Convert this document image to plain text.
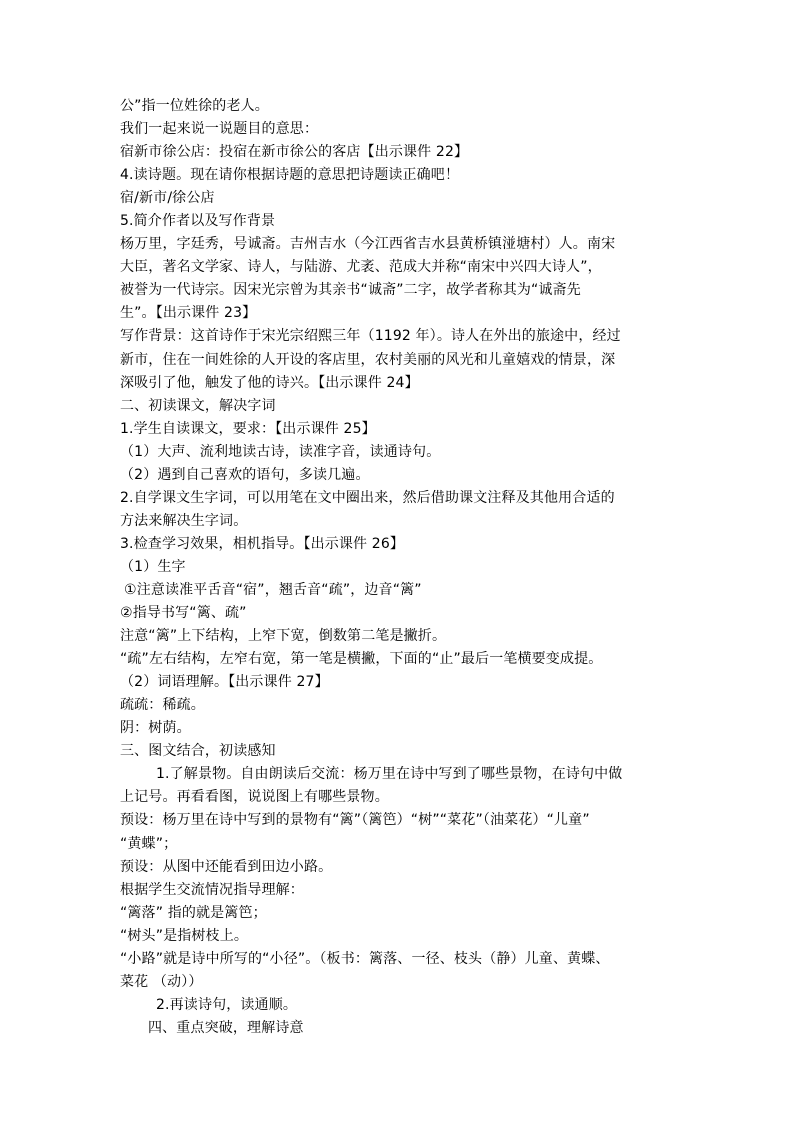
公”指一位姓徐的老人。
我们一起来说一说题目的意思：
宿新市徐公店：投宿在新市徐公的客店【出示课件 22】
4.读诗题。现在请你根据诗题的意思把诗题读正确吧！
宿/新市/徐公店
5.简介作者以及写作背景
杨万里，字廷秀，号诚斋。吉州吉水（今江西省吉水县黄桥镇湴塘村）人。南宋
大臣，著名文学家、诗人，与陆游、尤袤、范成大并称“南宋中兴四大诗人”，
被誉为一代诗宗。因宋光宗曾为其亲书“诚斋”二字，故学者称其为“诚斋先
生”。【出示课件 23】
写作背景：这首诗作于宋光宗绍熙三年（1192 年）。诗人在外出的旅途中，经过
新市，住在一间姓徐的人开设的客店里，农村美丽的风光和儿童嬉戏的情景，深
深吸引了他，触发了他的诗兴。【出示课件 24】
二、初读课文，解决字词
1.学生自读课文，要求：【出示课件 25】
（1）大声、流利地读古诗，读准字音，读通诗句。
（2）遇到自己喜欢的语句，多读几遍。
2.自学课文生字词，可以用笔在文中圈出来，然后借助课文注释及其他用合适的
方法来解决生字词。
3.检查学习效果，相机指导。【出示课件 26】
（1）生字
①注意读准平舌音“宿”，翘舌音“疏”，边音“篱”
②指导书写“篱、疏”
注意“篱”上下结构，上窄下宽，倒数第二笔是撇折。
“疏”左右结构，左窄右宽，第一笔是横撇，下面的“止”最后一笔横要变成提。
（2）词语理解。【出示课件 27】
疏疏：稀疏。
阴：树荫。
三、图文结合，初读感知
1.了解景物。自由朗读后交流：杨万里在诗中写到了哪些景物，在诗句中做
上记号。再看看图，说说图上有哪些景物。
预设：杨万里在诗中写到的景物有“篱”（篱笆）“树”“菜花”（油菜花）“儿童”
“黄蝶”；
预设：从图中还能看到田边小路。
根据学生交流情况指导理解：
“篱落” 指的就是篱笆；
“树头”是指树枝上。
“小路”就是诗中所写的“小径”。（板书：篱落、一径、枝头（静）儿童、黄蝶、
菜花 （动））
2.再读诗句，读通顺。
四、重点突破，理解诗意
